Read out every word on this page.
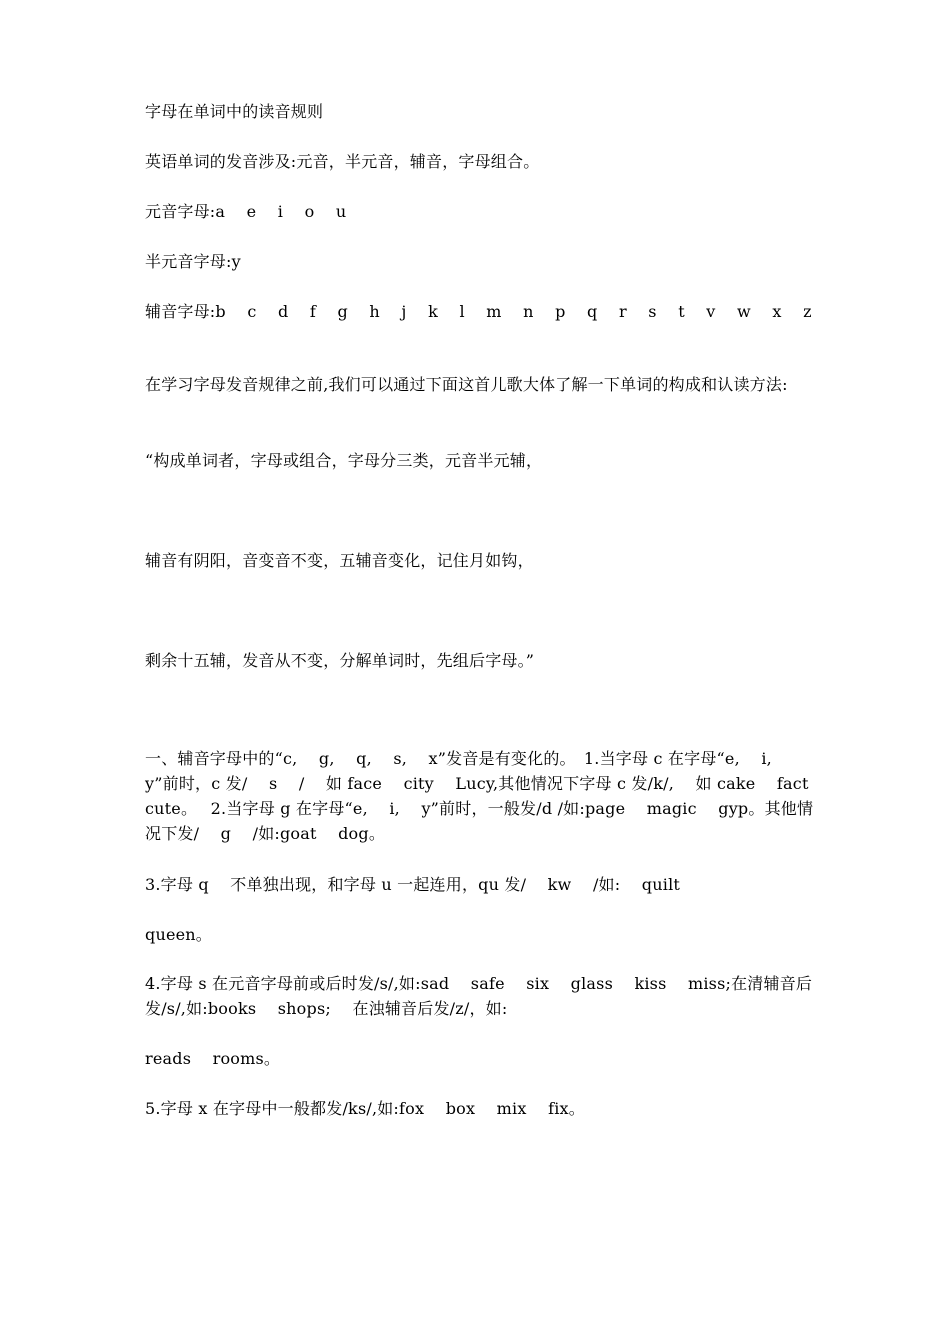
字母在单词中的读音规则
英语单词的发音涉及:元音，半元音，辅音，字母组合。
元音字母:a　 e 　i 　o 　u
半元音字母:y
辅音字母:b　 c　 d　 f　 g　 h　 j　 k　 l　 m　 n　 p　 q　 r　 s　 t　 v　 w　 x　 z
在学习字母发音规律之前,我们可以通过下面这首儿歌大体了解一下单词的构成和认读方法:
“构成单词者，字母或组合，字母分三类，元音半元辅，
辅音有阴阳，音变音不变，五辅音变化，记住月如钩，
剩余十五辅，发音从不变，分解单词时，先组后字母。”
一、辅音字母中的“c,　 g,　 q,　 s,　 x”发音是有变化的。　1.当字母 c 在字母“e,　 i,　 y”前时，c 发/　 s　 /　 如 face　 city　 Lucy,其他情况下字母 c 发/k/,　 如 cake　 fact　 cute。　 2.当字母 g 在字母“e,　 i,　 y”前时，一般发/d /如:page　 magic　 gyp。其他情况下发/　 g　 /如:goat　 dog。
3.字母 q　 不单独出现，和字母 u 一起连用，qu 发/　 kw　 /如:　 quilt
queen。
4.字母 s 在元音字母前或后时发/s/,如:sad　 safe　 six　 glass　 kiss　 miss;在清辅音后发/s/,如:books　 shops;　 在浊辅音后发/z/，如:
reads　 rooms。
5.字母 x 在字母中一般都发/ks/,如:fox　 box　 mix　 fix。
